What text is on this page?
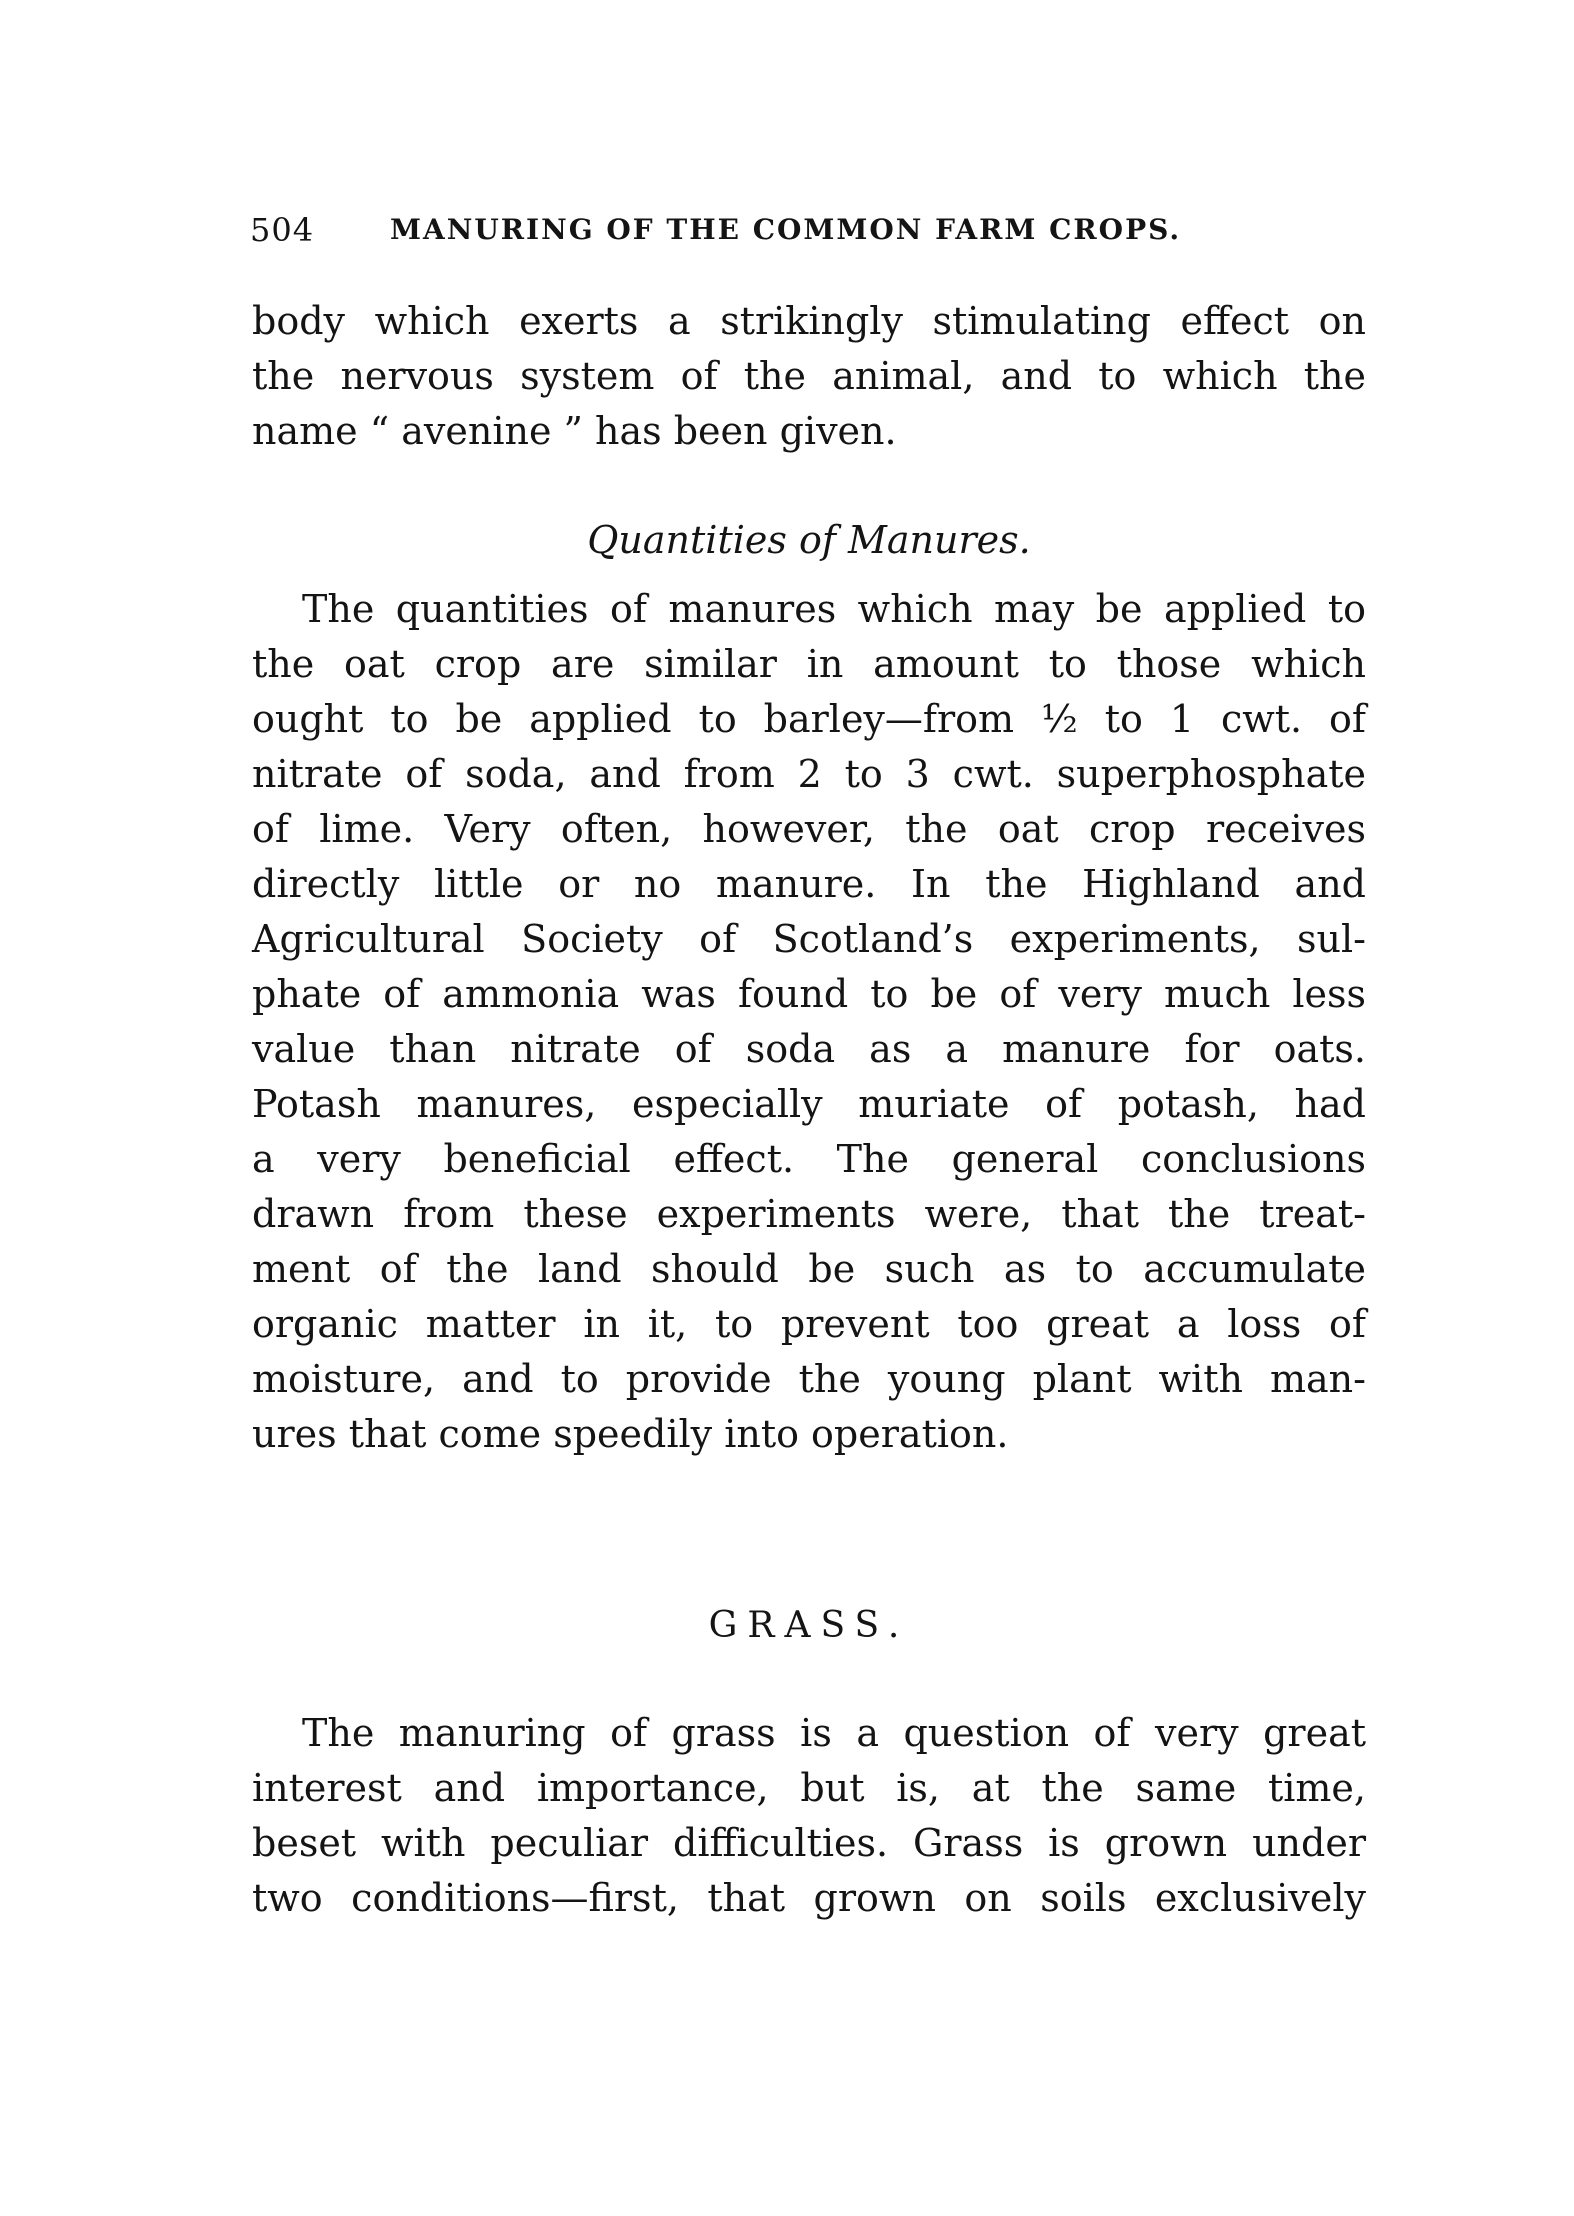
504	MANURING OF THE COMMON FARM CROPS.
body which exerts a strikingly stimulating effect on
the nervous system of the animal, and to which the
name “ avenine ” has been given.
Quantities of Manures.
The quantities of manures which may be applied to
the oat crop are similar in amount to those which
ought to be applied to barley—from ½ to 1 cwt. of
nitrate of soda, and from 2 to 3 cwt. superphosphate
of lime. Very often, however, the oat crop receives
directly little or no manure. In the Highland and
Agricultural Society of Scotland’s experiments, sul-
phate of ammonia was found to be of very much less
value than nitrate of soda as a manure for oats.
Potash manures, especially muriate of potash, had
a very beneficial effect. The general conclusions
drawn from these experiments were, that the treat-
ment of the land should be such as to accumulate
organic matter in it, to prevent too great a loss of
moisture, and to provide the young plant with man-
ures that come speedily into operation.
GRASS.
The manuring of grass is a question of very great
interest and importance, but is, at the same time,
beset with peculiar difficulties. Grass is grown under
two conditions—first, that grown on soils exclusively
